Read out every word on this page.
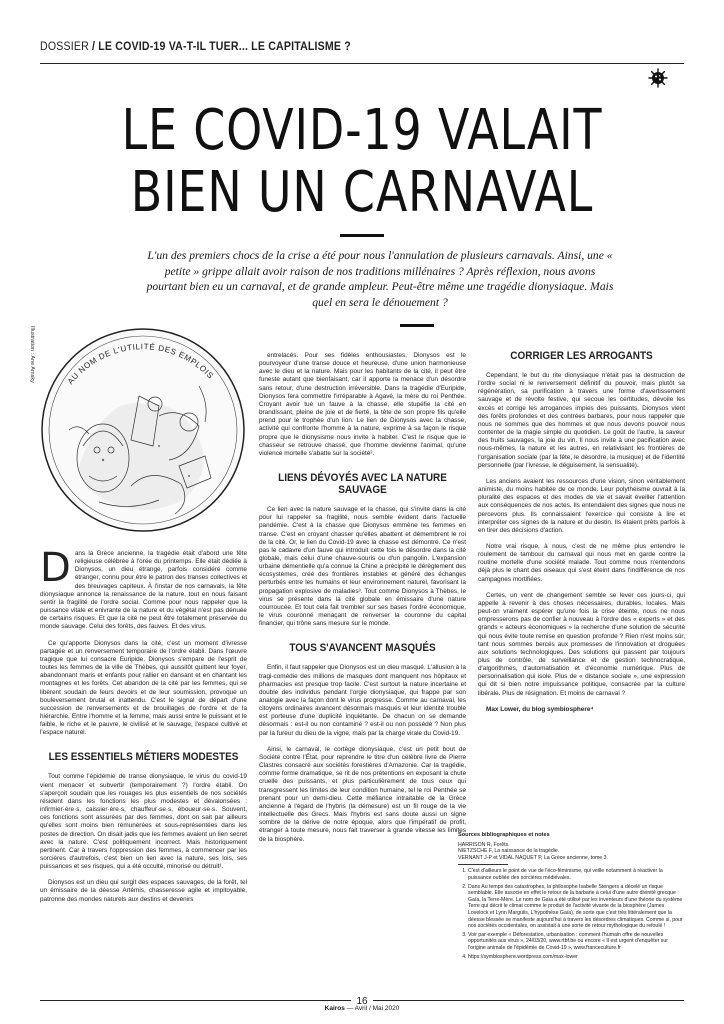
DOSSIER / LE COVID-19 VA-T-IL TUER... LE CAPITALISME ?
LE COVID-19 VALAIT
BIEN UN CARNAVAL
L'un des premiers chocs de la crise a été pour nous l'annulation de plusieurs carnavals. Ainsi, une « petite » grippe allait avoir raison de nos traditions millénaires ? Après réflexion, nous avons pourtant bien eu un carnaval, et de grande ampleur. Peut-être même une tragédie dionysiaque. Mais quel en sera le dénouement ?
Illustration : Ane Amsky	AU NOM DE L'UTILITÉ DES EMPLOIS

Dans la Grèce ancienne, la tragédie était d'abord une fête religieuse célébrée à l'orée du printemps. Elle était dédiée à Dionysos, un dieu étrange, parfois considéré comme étranger, connu pour être le patron des transes collectives et des breuvages capiteux. À l'instar de nos carnavals, la fête dionysiaque annonce la renaissance de la nature, tout en nous faisant sentir la fragilité de l'ordre social. Comme pour nous rappeler que la puissance vitale et enivrante de la nature et du végétal n'est pas dénuée de certains risques. Et que la cité ne peut être totalement préservée du monde sauvage. Celui des forêts, des fauves. Et des virus.

Ce qu'apporte Dionysos dans la cité, c'est un moment d'ivresse partagée et un renversement temporaire de l'ordre établi. Dans l'œuvre tragique que lui consacre Euripide, Dionysos s'empare de l'esprit de toutes les femmes de la ville de Thèbes, qui aussitôt quittent leur foyer, abandonnant maris et enfants pour rallier en dansant et en chantant les montagnes et les forêts. Cet abandon de la cité par les femmes, qui se libèrent soudain de leurs devoirs et de leur soumission, provoque un bouleversement brutal et inattendu. C'est le signal de départ d'une succession de renversements et de brouillages de l'ordre et de la hiérarchie. Entre l'homme et la femme, mais aussi entre le puissant et le faible, le riche et le pauvre, le civilisé et le sauvage, l'espace cultivé et l'espace naturel.

LES ESSENTIELS MÉTIERS MODESTES

Tout comme l'épidémie de transe dionysiaque, le virus du covid-19 vient menacer et subvertir (temporairement ?) l'ordre établi. On s'aperçoit soudain que les rouages les plus essentiels de nos sociétés résident dans les fonctions les plus modestes et dévalorisées : infirmier·ère·s, caissier·ère·s, chauffeur·se·s, éboueur·se·s. Souvent, ces fonctions sont assurées par des femmes, dont on sait par ailleurs qu'elles sont moins bien rémunérées et sous-représentées dans les postes de direction. On disait jadis que les femmes avaient un lien secret avec la nature. C'est politiquement incorrect. Mais historiquement pertinent. Car à travers l'oppression des femmes, à commencer par les sorcières d'autrefois, c'est bien un lien avec la nature, ses lois, ses puissances et ses risques, qui a été occulté, minorisé ou détruit¹.

Dionysos est un dieu qui surgit des espaces sauvages, de la forêt, tel un émissaire de la déesse Artémis, chasseresse agile et impitoyable, patronne des mondes naturels aux destins et devenirs

entrelacés. Pour ses fidèles enthousiastes, Dionysos est le pourvoyeur d'une transe douce et heureuse, d'une union harmonieuse avec le dieu et la nature. Mais pour les habitants de la cité, il peut être funeste autant que bienfaisant, car il apporte la menace d'un désordre sans retour, d'une destruction irréversible. Dans la tragédie d'Euripide, Dionysos fera commettre l'irréparable à Agavé, la mère du roi Penthée. Croyant avoir tué un fauve à la chasse, elle stupéfie la cité en brandissant, pleine de joie et de fierté, la tête de son propre fils qu'elle prend pour le trophée d'un lion. Le lien de Dionysos avec la chasse, activité qui confronte l'homme à la nature, exprime à sa façon le risque propre que le dionysisme nous invite à habiter. C'est le risque que le chasseur se retrouve chassé, que l'homme devienne l'animal, qu'une violence mortelle s'abatte sur la société².

LIENS DÉVOYÉS AVEC LA NATURE SAUVAGE

Ce lien avec la nature sauvage et la chasse, qui s'invite dans la cité pour lui rappeler sa fragilité, nous semble évident dans l'actuelle pandémie. C'est à la chasse que Dionysos emmène les femmes en transe. C'est en croyant chasser qu'elles abattent et démembrent le roi de la cité. Or, le lien du Covid-19 avec la chasse est démontré. Ce n'est pas le cadavre d'un fauve qui introduit cette fois le désordre dans la cité globale, mais celui d'une chauve-souris ou d'un pangolin. L'expansion urbaine démentielle qu'a connue la Chine a précipité le dérèglement des écosystèmes, créé des frontières instables et généré des échanges perturbés entre les humains et leur environnement naturel, favorisant la propagation explosive de maladies³. Tout comme Dionysos à Thèbes, le virus se présente dans la cité globale en émissaire d'une nature courroucée. Et tout cela fait trembler sur ses bases l'ordre économique, le virus couronné menaçant de renverser la couronne du capital financier, qui trône sans mesure sur le monde.

TOUS S'AVANCENT MASQUÉS

Enfin, il faut rappeler que Dionysos est un dieu masqué. L'allusion à la tragi-comédie des millions de masques dont manquent nos hôpitaux et pharmacies est presque trop facile. C'est surtout la nature incertaine et double des individus pendant l'orgie dionysiaque, qui frappe par son analogie avec la façon dont le virus progresse. Comme au carnaval, les citoyens ordinaires avancent désormais masqués et leur identité trouble est porteuse d'une duplicité inquiétante. De chacun on se demande désormais : est-il ou non contaminé ? est-il ou non possédé ? Non plus par la fureur du dieu de la vigne, mais par la charge virale du Covid-19.

Ainsi, le carnaval, le cortège dionysiaque, c'est un petit bout de Société contre l'État, pour reprendre le titre d'un célèbre livre de Pierre Clastres consacré aux sociétés forestières d'Amazonie. Car la tragédie, comme forme dramatique, se rit de nos prétentions en exposant la chute cruelle des puissants, et plus particulièrement de tous ceux qui transgressent les limites de leur condition humaine, tel le roi Penthée se prenant pour un demi-dieu. Cette méfiance intraitable de la Grèce ancienne à l'égard de l'hybris (la démesure) est un fil rouge de la vie intellectuelle des Grecs. Mais l'hybris est sans doute aussi un signe sombre de la dérive de notre époque, alors que l'impératif de profit, étranger à toute mesure, nous fait traverser à grande vitesse les limites de la biosphère.

CORRIGER LES ARROGANTS

Cependant, le but du rite dionysiaque n'était pas la destruction de l'ordre social ni le renversement définitif du pouvoir, mais plutôt sa régénération, sa purification à travers une forme d'avertissement sauvage et de révolte festive, qui secoue les certitudes, dévoile les excès et corrige les arrogances impies des puissants. Dionysos vient des forêts profondes et des contrées barbares, pour nous rappeler que nous ne sommes que des hommes et que nous devons pouvoir nous contenter de la magie simple du quotidien. Le goût de l'autre, la saveur des fruits sauvages, la joie du vin. Il nous invite à une pacification avec nous-mêmes, la nature et les autres, en relativisant les frontières de l'organisation sociale (par la fête, le désordre, la musique) et de l'identité personnelle (par l'ivresse, le déguisement, la sensualité).

Les anciens avaient les ressources d'une vision, sinon véritablement animiste, du moins habitée de ce monde. Leur polythéisme ouvrait à la pluralité des espaces et des modes de vie et savait éveiller l'attention aux conséquences de nos actes. Ils entendaient des signes que nous ne percevons plus. Ils connaissaient l'exercice qui consiste à lire et interpréter ces signes de la nature et du destin. Ils étaient prêts parfois à en tirer des décisions d'action.

Notre vrai risque, à nous, c'est de ne même plus entendre le roulement de tambour du carnaval qui nous met en garde contre la routine mortelle d'une société malade. Tout comme nous n'entendons déjà plus le chant des oiseaux qui s'est éteint dans l'indifférence de nos campagnes mortifiées.

Certes, un vent de changement semble se lever ces jours-ci, qui appelle à revenir à des choses nécessaires, durables, locales. Mais peut-on vraiment espérer qu'une fois la crise éteinte, nous ne nous empresserons pas de confier à nouveau à l'ordre des « experts » et des grands « acteurs économiques » la recherche d'une solution de sécurité qui nous évite toute remise en question profonde ? Rien n'est moins sûr, tant nous sommes bercés aux promesses de l'innovation et droguées aux solutions technologiques. Des solutions qui passent par toujours plus de contrôle, de surveillance et de gestion technocratique, d'algorithmes, d'automatisation et d'économie numérique. Plus de personnalisation qui isole. Plus de « distance sociale », une expression qui dit si bien notre impuissance politique, consacrée par la culture libérale. Plus de résignation. Et moins de carnaval ?

Max Lower, du blog symbiosphere⁴

Sources bibliographiques et notes
HARRISON R, Forêts.
NIETZSCHE F, La naissance de la tragédie.
VERNANT J-P et VIDAL NAQUET P, La Grèce ancienne, tome 3.
1. C'est d'ailleurs le point de vue de l'éco-féminisme, qui veille notamment à réactiver la puissance oubliée des sorcières médiévales.
2. Dans Au temps des catastrophes, la philosophe Isabelle Stengers a décelé un risque semblable. Elle associe en effet le retour de la barbarie à celui d'une autre divinité grecque : Gaïa, la Terre-Mère. Le nom de Gaïa a été utilisé par les inventeurs d'une théorie du système Terre qui décrit le climat comme le produit de l'activité vivante de la biosphère (James Lovelock et Lynn Margulis, L'hypothèse Gaïa), de sorte que c'est très littéralement que la déesse blessée se manifeste aujourd'hui à travers les désordres climatiques. Comme si, pour nos sociétés occidentales, on assistait à une sorte de retour mythologique du refoulé !
3. Voir par exemple « Déforestation, urbanisation : comment l'humain offre de nouvelles opportunités aux virus », 24/03/20, www.rtbf.be ou encore « Il est urgent d'enquêter sur l'origine animale de l'épidémie de Covid-19 », www.franceculture.fr
4. https://symbiosphere.wordpress.com/max-lower
16
Kairos — Avril / Mai 2020
